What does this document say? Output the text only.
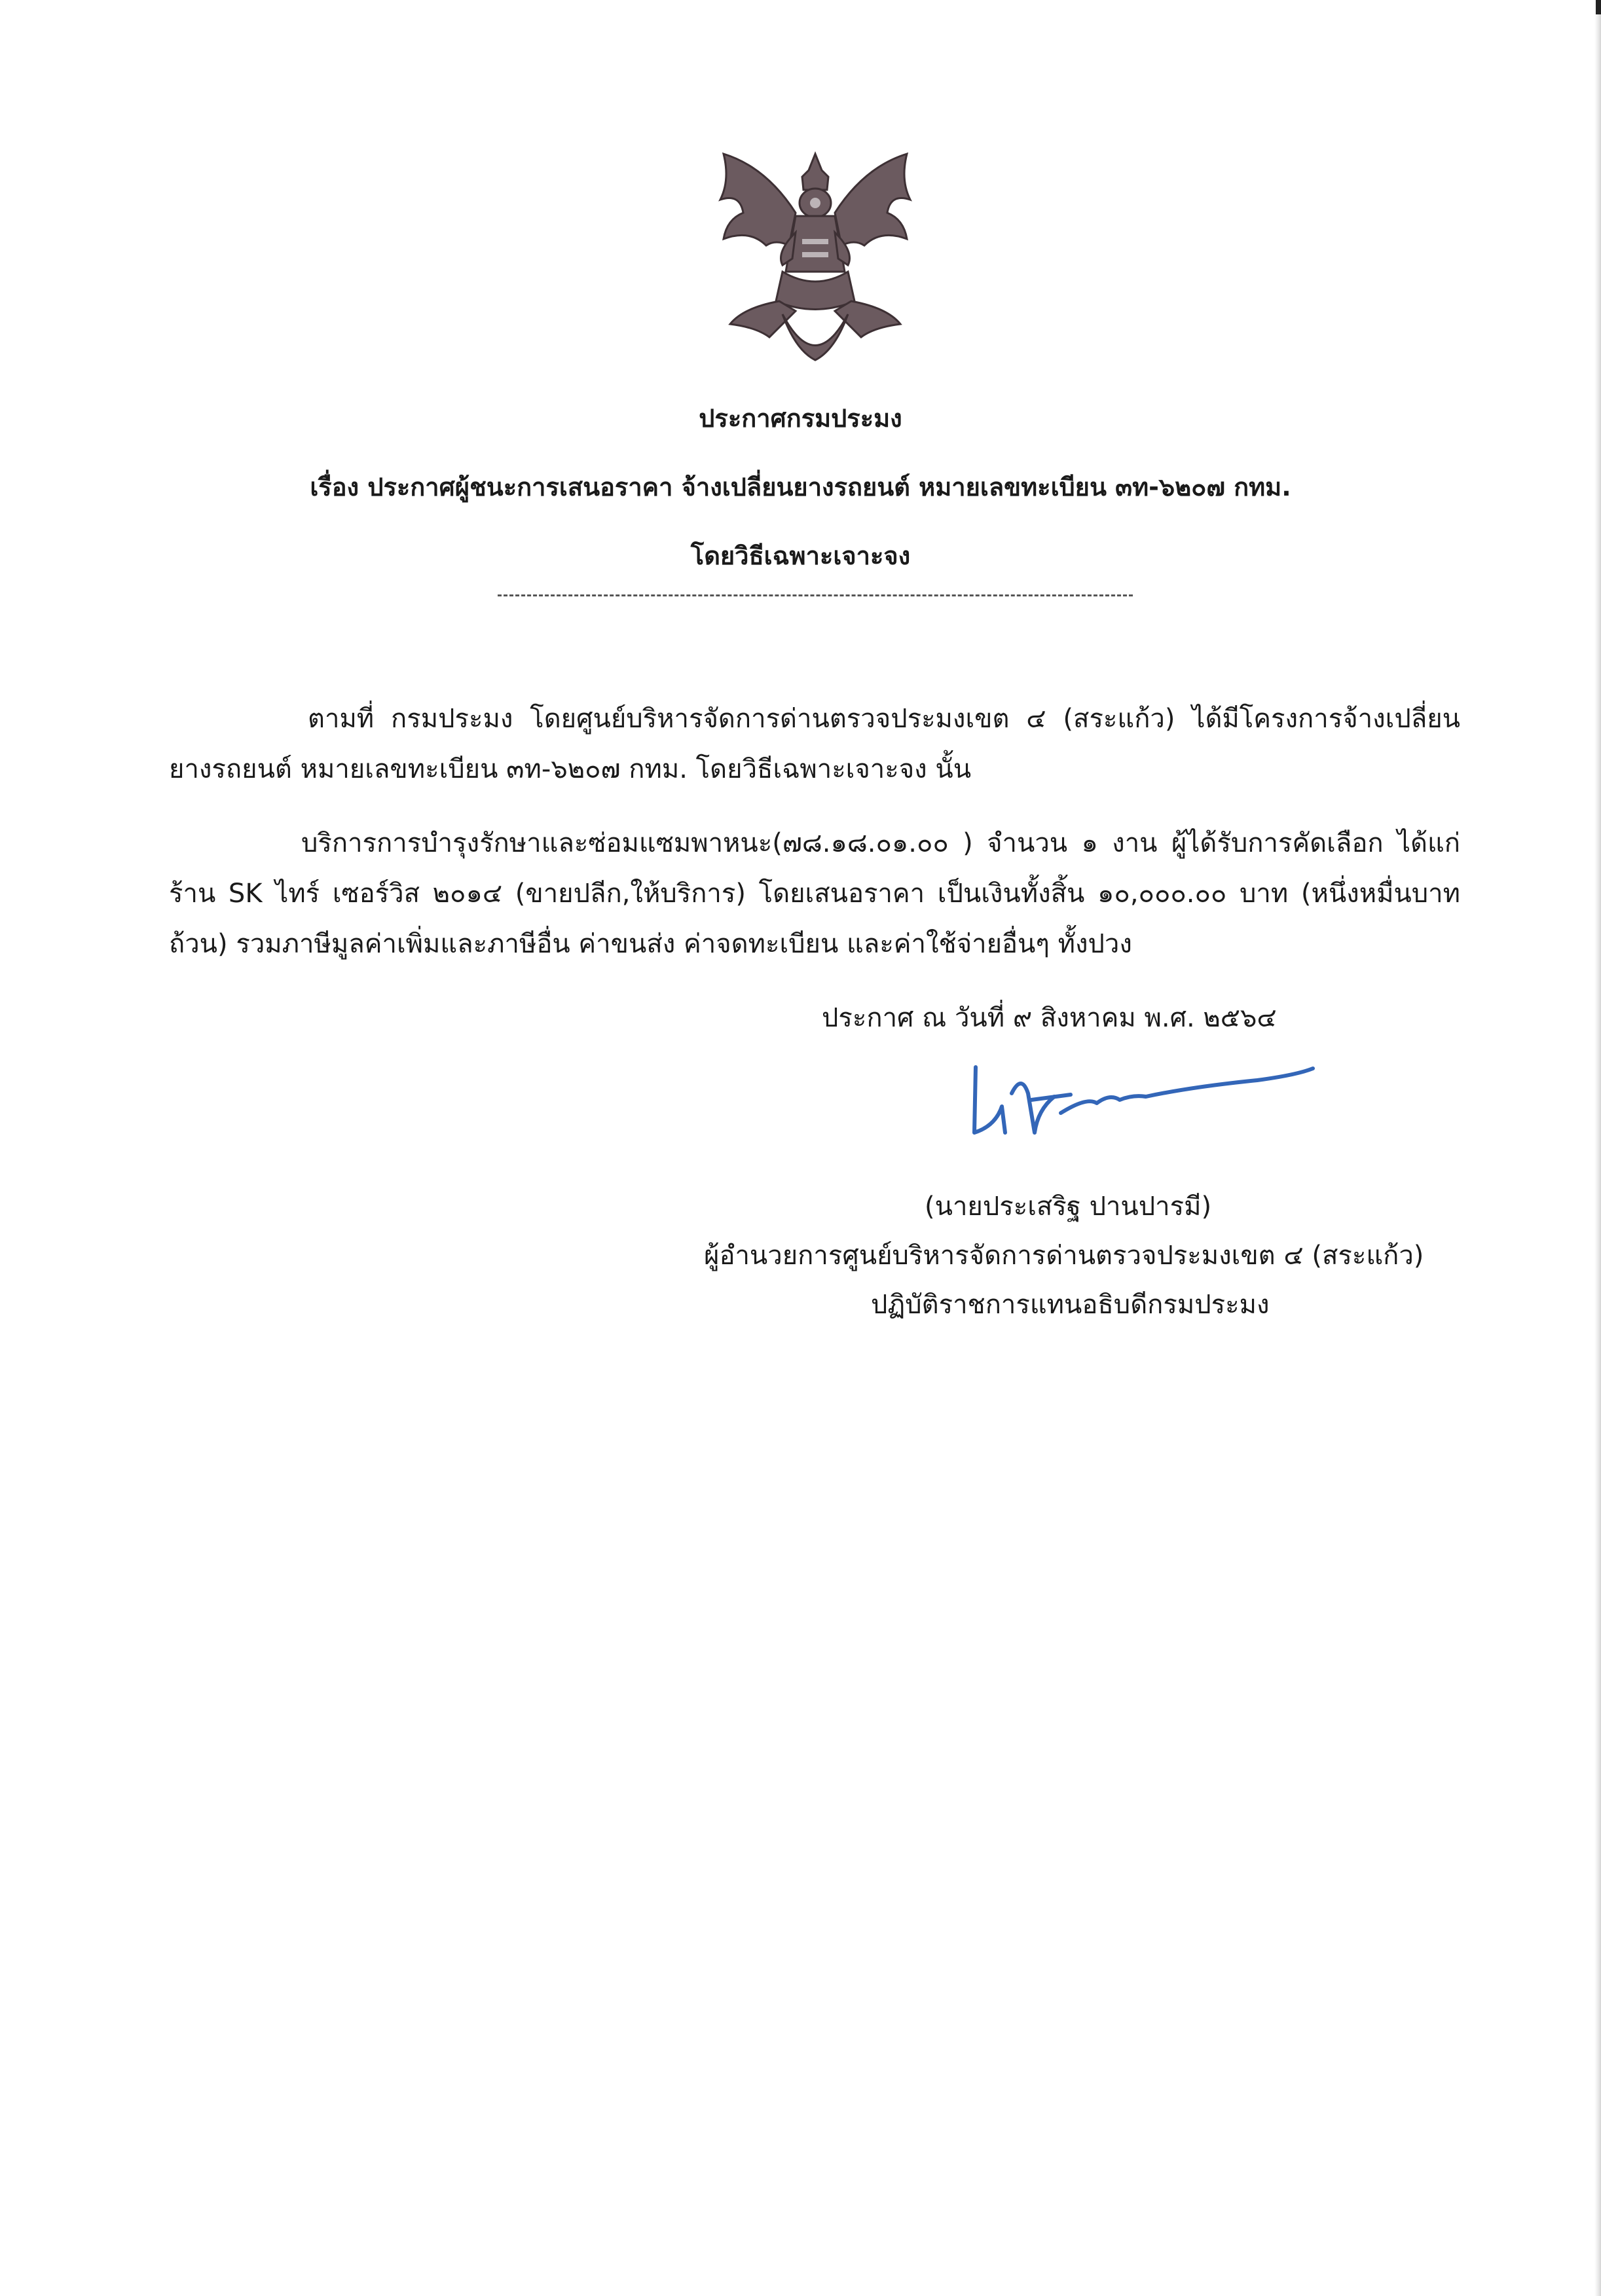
ประกาศกรมประมง
เรื่อง ประกาศผู้ชนะการเสนอราคา จ้างเปลี่ยนยางรถยนต์ หมายเลขทะเบียน ๓ท-๖๒๐๗ กทม.
โดยวิธีเฉพาะเจาะจง
ตามที่ กรมประมง โดยศูนย์บริหารจัดการด่านตรวจประมงเขต ๔ (สระแก้ว) ได้มีโครงการจ้างเปลี่ยน
ยางรถยนต์ หมายเลขทะเบียน ๓ท-๖๒๐๗ กทม. โดยวิธีเฉพาะเจาะจง นั้น
บริการการบำรุงรักษาและซ่อมแซมพาหนะ(๗๘.๑๘.๐๑.๐๐ ) จำนวน ๑ งาน ผู้ได้รับการคัดเลือก ได้แก่
ร้าน SK ไทร์ เซอร์วิส ๒๐๑๔ (ขายปลีก,ให้บริการ) โดยเสนอราคา เป็นเงินทั้งสิ้น ๑๐,๐๐๐.๐๐ บาท (หนึ่งหมื่นบาท
ถ้วน) รวมภาษีมูลค่าเพิ่มและภาษีอื่น ค่าขนส่ง ค่าจดทะเบียน และค่าใช้จ่ายอื่นๆ ทั้งปวง
ประกาศ ณ วันที่ ๙ สิงหาคม พ.ศ. ๒๕๖๔
(นายประเสริฐ ปานปารมี)
ผู้อำนวยการศูนย์บริหารจัดการด่านตรวจประมงเขต ๔ (สระแก้ว)
ปฏิบัติราชการแทนอธิบดีกรมประมง
